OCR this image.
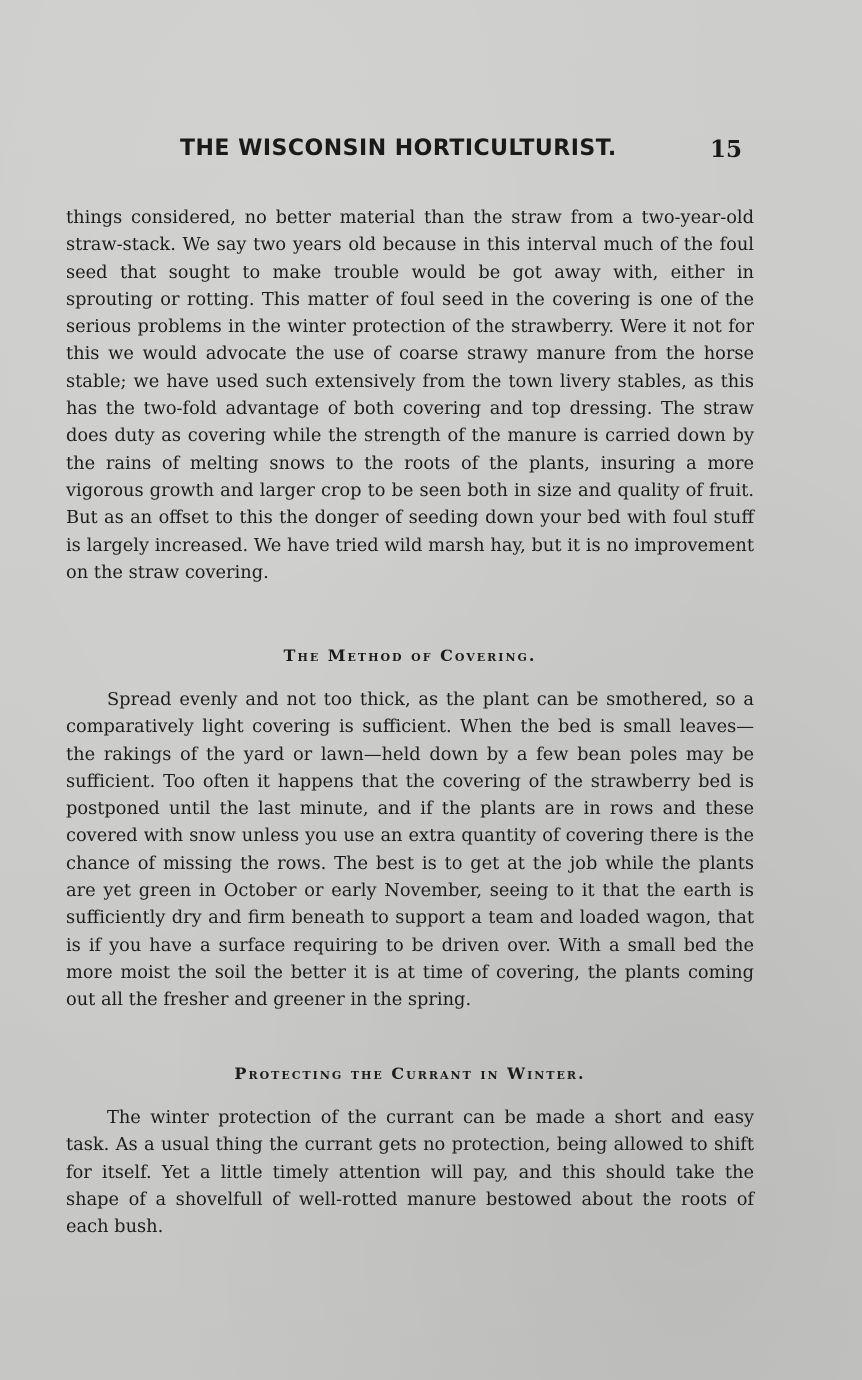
THE WISCONSIN HORTICULTURIST.	15

things considered, no better material than the straw from a two-year-old straw-stack. We say two years old because in this interval much of the foul seed that sought to make trouble would be got away with, either in sprouting or rotting. This matter of foul seed in the covering is one of the serious problems in the winter protection of the strawberry. Were it not for this we would advocate the use of coarse strawy manure from the horse stable; we have used such extensively from the town livery stables, as this has the two-fold advantage of both covering and top dressing. The straw does duty as covering while the strength of the manure is carried down by the rains of melting snows to the roots of the plants, insuring a more vigorous growth and larger crop to be seen both in size and quality of fruit. But as an offset to this the donger of seeding down your bed with foul stuff is largely increased. We have tried wild marsh hay, but it is no improvement on the straw covering.

The Method of Covering.

Spread evenly and not too thick, as the plant can be smothered, so a comparatively light covering is sufficient. When the bed is small leaves—the rakings of the yard or lawn—held down by a few bean poles may be sufficient. Too often it happens that the covering of the strawberry bed is postponed until the last minute, and if the plants are in rows and these covered with snow unless you use an extra quantity of covering there is the chance of missing the rows. The best is to get at the job while the plants are yet green in October or early November, seeing to it that the earth is sufficiently dry and firm beneath to support a team and loaded wagon, that is if you have a surface requiring to be driven over. With a small bed the more moist the soil the better it is at time of covering, the plants coming out all the fresher and greener in the spring.

Protecting the Currant in Winter.

The winter protection of the currant can be made a short and easy task. As a usual thing the currant gets no protection, being allowed to shift for itself. Yet a little timely attention will pay, and this should take the shape of a shovelfull of well-rotted manure bestowed about the roots of each bush.
